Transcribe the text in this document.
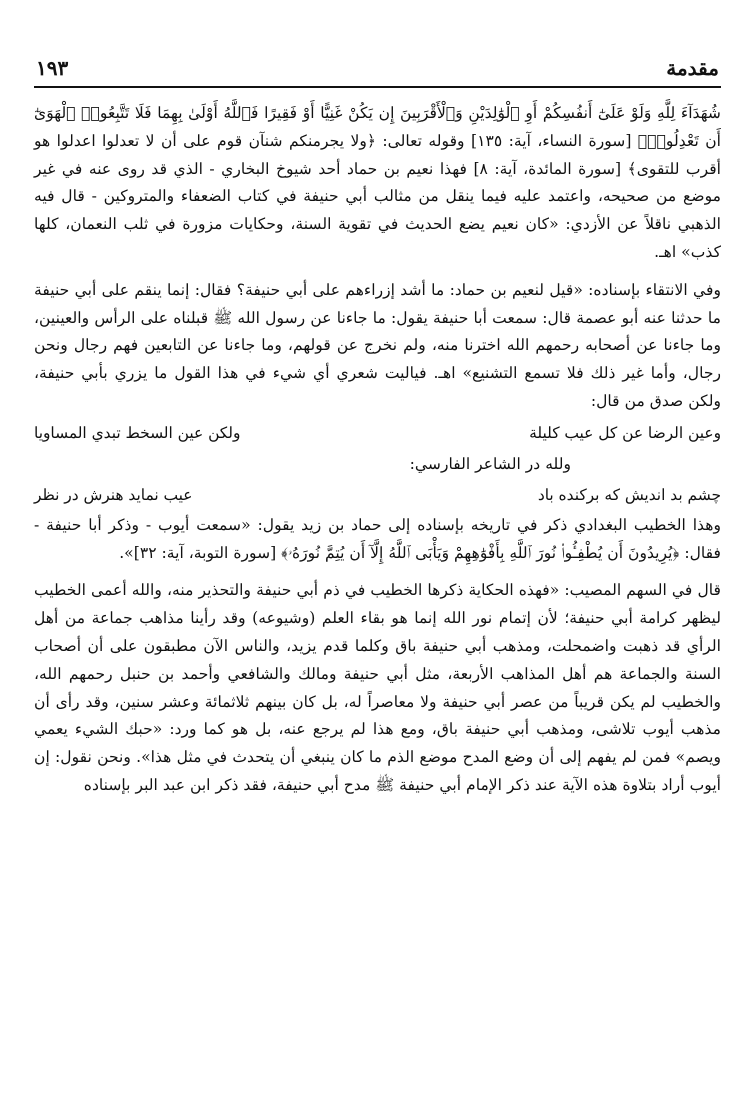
مقدمة
١٩٣

شُهَدَآءَ لِلَّهِ وَلَوْ عَلَىٰٓ أَنفُسِكُمْ أَوِ ٱلْوَٰلِدَيْنِ وَٱلْأَقْرَبِينَ إِن يَكُنْ غَنِيًّا أَوْ فَقِيرًا فَٱللَّهُ أَوْلَىٰ بِهِمَا فَلَا تَتَّبِعُوا۟ ٱلْهَوَىٰٓ أَن تَعْدِلُوا۟﴾ [سورة النساء، آية: ١٣٥] وقوله تعالى: ﴿ولا يجرمنكم شنآن قوم على أن لا تعدلوا اعدلوا هو أقرب للتقوى﴾ [سورة المائدة، آية: ٨] فهذا نعيم بن حماد أحد شيوخ البخاري - الذي قد روى عنه في غير موضع من صحيحه، واعتمد عليه فيما ينقل من مثالب أبي حنيفة في كتاب الضعفاء والمتروكين - قال فيه الذهبي ناقلاً عن الأزدي: «كان نعيم يضع الحديث في تقوية السنة، وحكايات مزورة في ثلب النعمان، كلها كذب» اهـ.

وفي الانتقاء بإسناده: «قيل لنعيم بن حماد: ما أشد إزراءهم على أبي حنيفة؟ فقال: إنما ينقم على أبي حنيفة ما حدثنا عنه أبو عصمة قال: سمعت أبا حنيفة يقول: ما جاءنا عن رسول الله ﷺ قبلناه على الرأس والعينين، وما جاءنا عن أصحابه رحمهم الله اخترنا منه، ولم نخرج عن قولهم، وما جاءنا عن التابعين فهم رجال ونحن رجال، وأما غير ذلك فلا تسمع التشنيع» اهـ. فياليت شعري أي شيء في هذا القول ما يزري بأبي حنيفة، ولكن صدق من قال:

وعين الرضا عن كل عيب كليلة
ولكن عين السخط تبدي المساويا

ولله در الشاعر الفارسي:

چشم بد انديش كه بركنده باد
عيب نمايد هنرش در نظر

وهذا الخطيب البغدادي ذكر في تاريخه بإسناده إلى حماد بن زيد يقول: «سمعت أيوب - وذكر أبا حنيفة - فقال: ﴿يُرِيدُونَ أَن يُطْفِـُٔوا۟ نُورَ ٱللَّهِ بِأَفْوَٰهِهِمْ وَيَأْبَى ٱللَّهُ إِلَّآ أَن يُتِمَّ نُورَهُۥ﴾ [سورة التوبة، آية: ٣٢]».

قال في السهم المصيب: «فهذه الحكاية ذكرها الخطيب في ذم أبي حنيفة والتحذير منه، والله أعمى الخطيب ليظهر كرامة أبي حنيفة؛ لأن إتمام نور الله إنما هو بقاء العلم (وشيوعه) وقد رأينا مذاهب جماعة من أهل الرأي قد ذهبت واضمحلت، ومذهب أبي حنيفة باق وكلما قدم يزيد، والناس الآن مطبقون على أن أصحاب السنة والجماعة هم أهل المذاهب الأربعة، مثل أبي حنيفة ومالك والشافعي وأحمد بن حنبل رحمهم الله، والخطيب لم يكن قريباً من عصر أبي حنيفة ولا معاصراً له، بل كان بينهم ثلاثمائة وعشر سنين، وقد رأى أن مذهب أيوب تلاشى، ومذهب أبي حنيفة باق، ومع هذا لم يرجع عنه، بل هو كما ورد: «حبك الشيء يعمي ويصم» فمن لم يفهم إلى أن وضع المدح موضع الذم ما كان ينبغي أن يتحدث في مثل هذا». ونحن نقول: إن أيوب أراد بتلاوة هذه الآية عند ذكر الإمام أبي حنيفة ﷺ مدح أبي حنيفة، فقد ذكر ابن عبد البر بإسناده
